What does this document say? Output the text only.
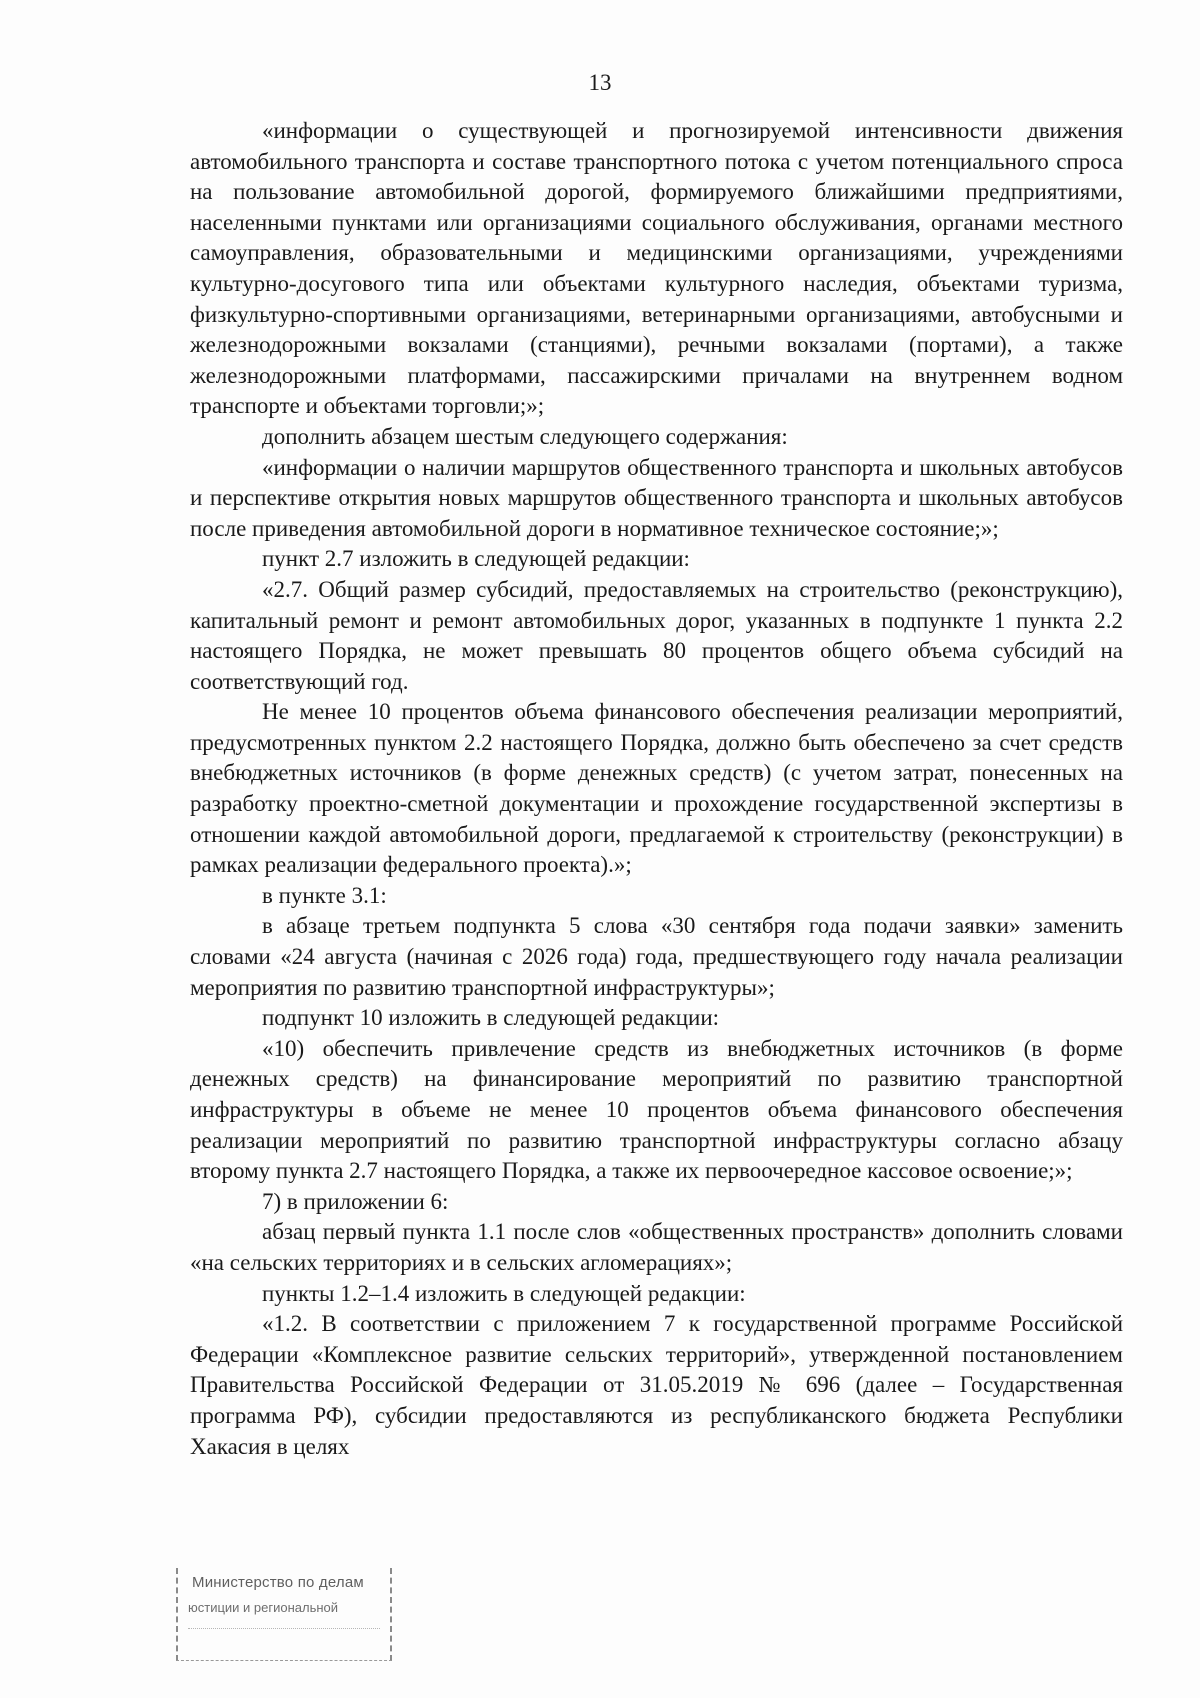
13

«информации о существующей и прогнозируемой интенсивности движения автомобильного транспорта и составе транспортного потока с учетом потенциального спроса на пользование автомобильной дорогой, формируемого ближайшими предприятиями, населенными пунктами или организациями социального обслуживания, органами местного самоуправления, образовательными и медицинскими организациями, учреждениями культурно-досугового типа или объектами культурного наследия, объектами туризма, физкультурно-спортивными организациями, ветеринарными организациями, автобусными и железнодорожными вокзалами (станциями), речными вокзалами (портами), а также железнодорожными платформами, пассажирскими причалами на внутреннем водном транспорте и объектами торговли;»;

дополнить абзацем шестым следующего содержания:

«информации о наличии маршрутов общественного транспорта и школьных автобусов и перспективе открытия новых маршрутов общественного транспорта и школьных автобусов после приведения автомобильной дороги в нормативное техническое состояние;»;

пункт 2.7 изложить в следующей редакции:

«2.7. Общий размер субсидий, предоставляемых на строительство (реконструкцию), капитальный ремонт и ремонт автомобильных дорог, указанных в подпункте 1 пункта 2.2 настоящего Порядка, не может превышать 80 процентов общего объема субсидий на соответствующий год.

Не менее 10 процентов объема финансового обеспечения реализации мероприятий, предусмотренных пунктом 2.2 настоящего Порядка, должно быть обеспечено за счет средств внебюджетных источников (в форме денежных средств) (с учетом затрат, понесенных на разработку проектно-сметной документации и прохождение государственной экспертизы в отношении каждой автомобильной дороги, предлагаемой к строительству (реконструкции) в рамках реализации федерального проекта).»;

в пункте 3.1:

в абзаце третьем подпункта 5 слова «30 сентября года подачи заявки» заменить словами «24 августа (начиная с 2026 года) года, предшествующего году начала реализации мероприятия по развитию транспортной инфраструктуры»;

подпункт 10 изложить в следующей редакции:

«10) обеспечить привлечение средств из внебюджетных источников (в форме денежных средств) на финансирование мероприятий по развитию транспортной инфраструктуры в объеме не менее 10 процентов объема финансового обеспечения реализации мероприятий по развитию транспортной инфраструктуры согласно абзацу второму пункта 2.7 настоящего Порядка, а также их первоочередное кассовое освоение;»;

7) в приложении 6:

абзац первый пункта 1.1 после слов «общественных пространств» дополнить словами «на сельских территориях и в сельских агломерациях»;

пункты 1.2–1.4 изложить в следующей редакции:

«1.2. В соответствии с приложением 7 к государственной программе Российской Федерации «Комплексное развитие сельских территорий», утвержденной постановлением Правительства Российской Федерации от 31.05.2019 № 696 (далее – Государственная программа РФ), субсидии предоставляются из республиканского бюджета Республики Хакасия в целях

Министерство по делам
юстиции и региональной
